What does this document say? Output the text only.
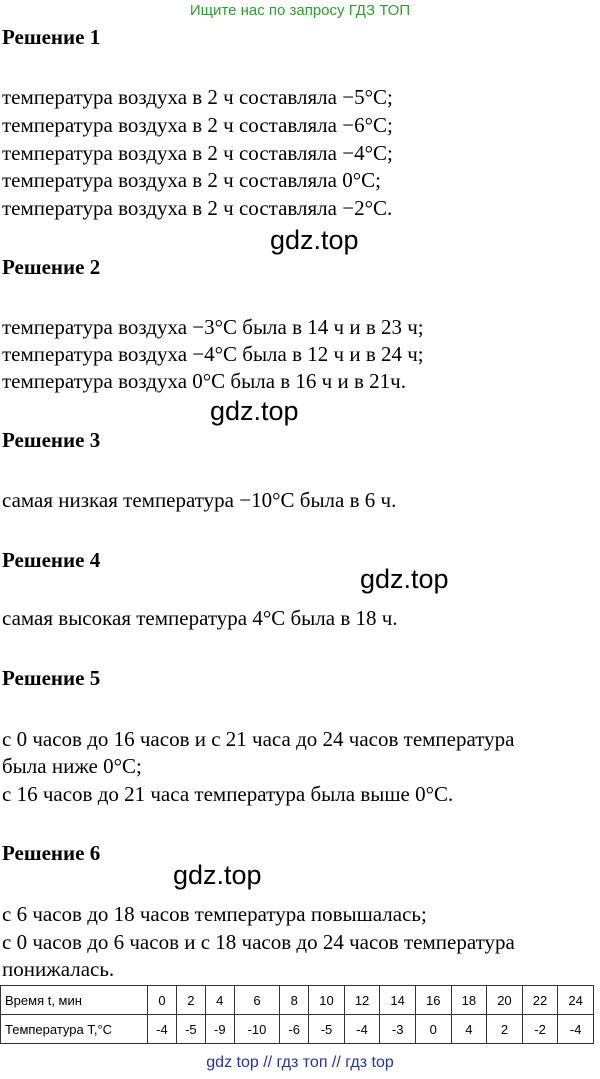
Ищите нас по запросу ГДЗ ТОП
Решение 1
температура воздуха в 2 ч составляла −5°C;
температура воздуха в 2 ч составляла −6°C;
температура воздуха в 2 ч составляла −4°C;
температура воздуха в 2 ч составляла 0°C;
температура воздуха в 2 ч составляла −2°C.
gdz.top
Решение 2
температура воздуха −3°C была в 14 ч и в 23 ч;
температура воздуха −4°C была в 12 ч и в 24 ч;
температура воздуха 0°C была в 16 ч и в 21ч.
gdz.top
Решение 3
самая низкая температура −10°C была в 6 ч.
Решение 4
gdz.top
самая высокая температура 4°C была в 18 ч.
Решение 5
с 0 часов до 16 часов и с 21 часа до 24 часов температура
была ниже 0°C;
с 16 часов до 21 часа температура была выше 0°C.
Решение 6
gdz.top
с 6 часов до 18 часов температура повышалась;
с 0 часов до 6 часов и с 18 часов до 24 часов температура
понижалась.
Время t, мин	0	2	4	6	8	10	12	14	16	18	20	22	24
Температура T,°C	-4	-5	-9	-10	-6	-5	-4	-3	0	4	2	-2	-4
gdz top // гдз топ // гдз top
